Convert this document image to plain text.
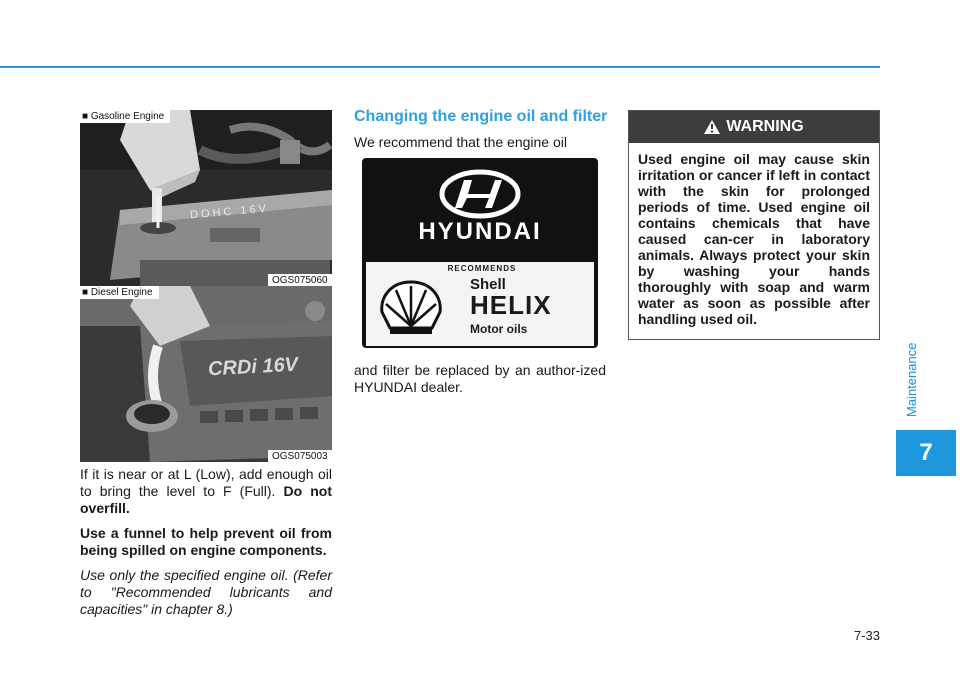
Maintenance
7
DOHC 16V
■ Gasoline Engine
OGS075060
CRDi 16V
■ Diesel Engine
OGS075003

If it is near or at L (Low), add enough oil to bring the level to F (Full). Do not overfill.

Use a funnel to help prevent oil from being spilled on engine components.

Use only the specified engine oil. (Refer to "Recommended lubricants and capacities" in chapter 8.)

Changing the engine oil and filter
We recommend that the engine oil
HYUNDAI
RECOMMENDS
Shell
HELIX
Motor oils
and filter be replaced by an author-ized HYUNDAI dealer.
WARNING
Used engine oil may cause skin irritation or cancer if left in contact with the skin for prolonged periods of time. Used engine oil contains chemicals that have caused can-cer in laboratory animals. Always protect your skin by washing your hands thoroughly with soap and warm water as soon as possible after handling used oil.
7-33
